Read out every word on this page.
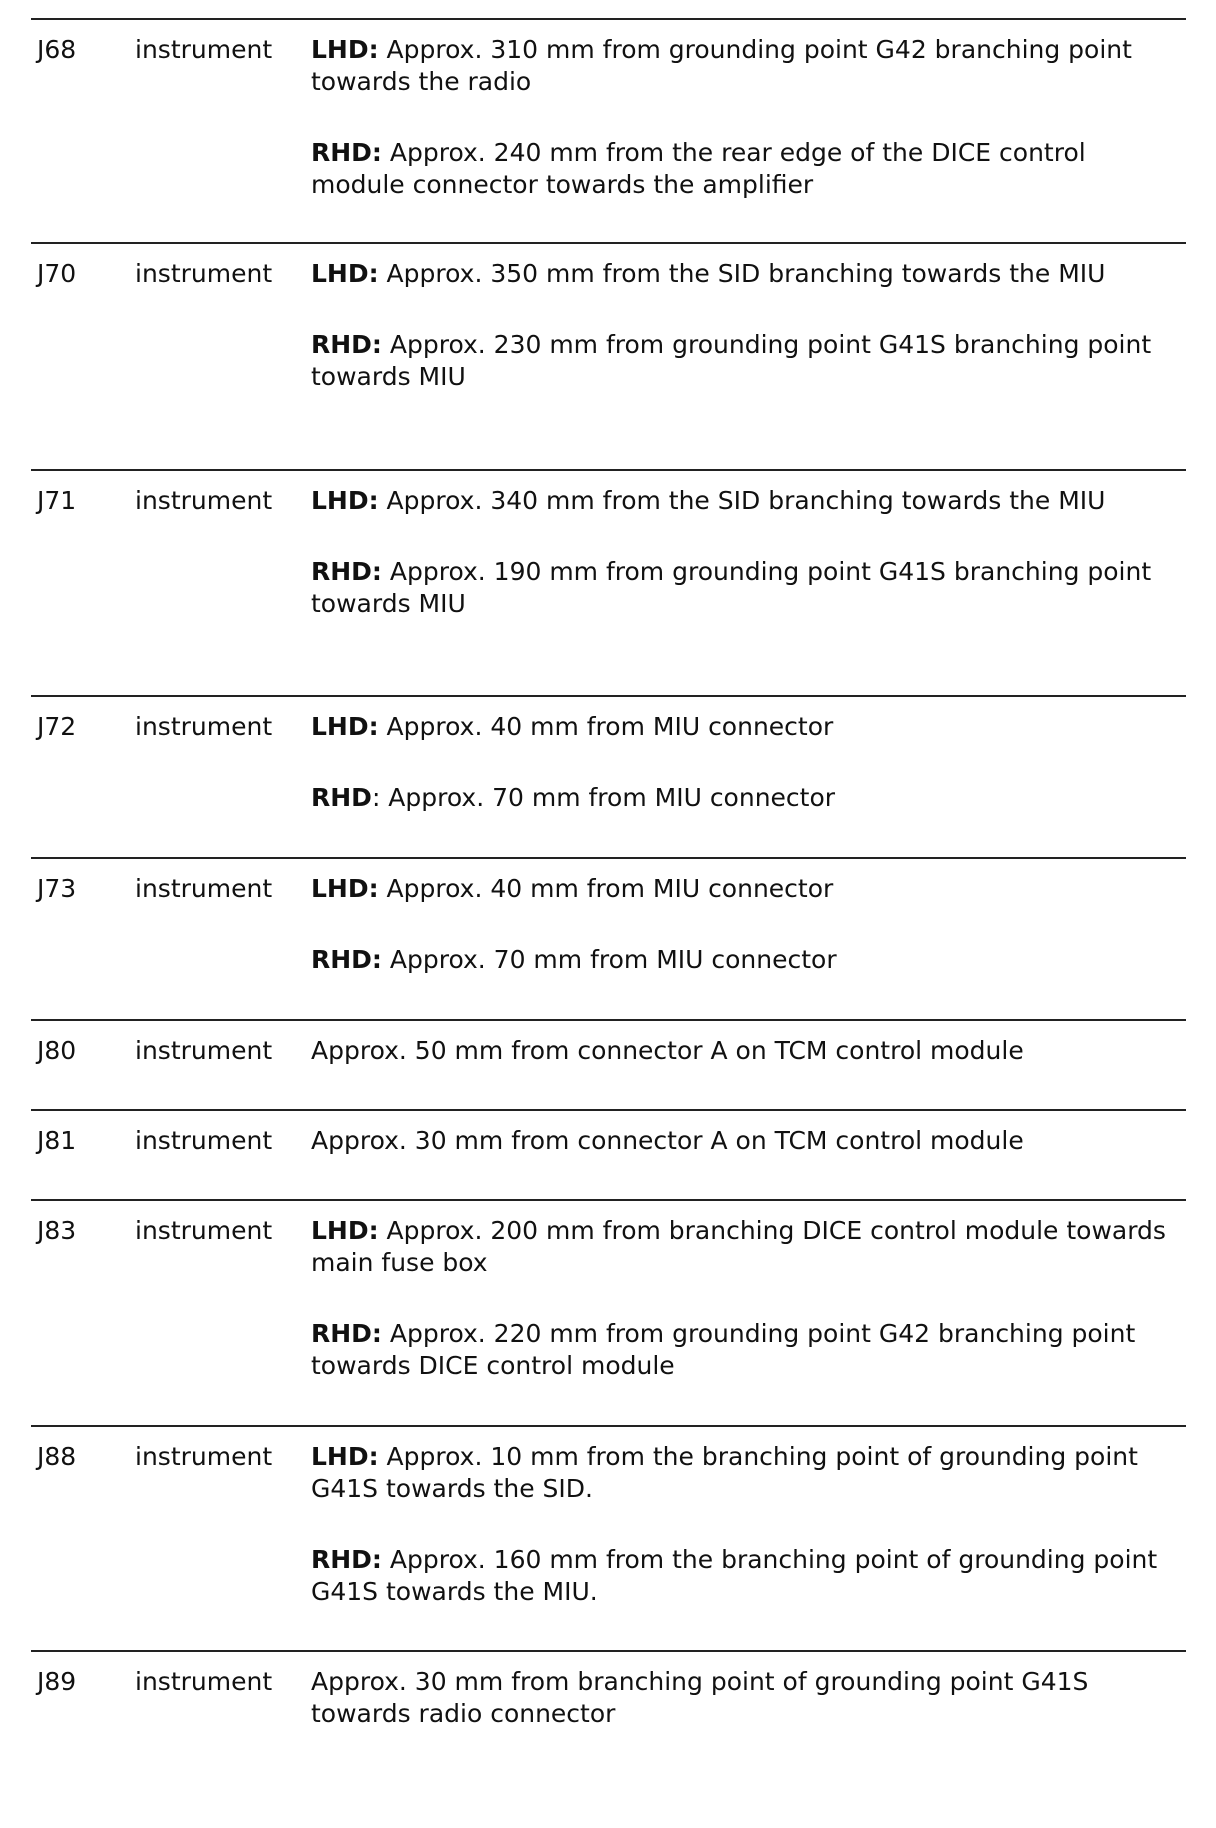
J68	instrument	LHD: Approx. 310 mm from grounding point G42 branching point towards the radio

RHD: Approx. 240 mm from the rear edge of the DICE control module connector towards the amplifier

J70	instrument	LHD: Approx. 350 mm from the SID branching towards the MIU

RHD: Approx. 230 mm from grounding point G41S branching point towards MIU

J71	instrument	LHD: Approx. 340 mm from the SID branching towards the MIU

RHD: Approx. 190 mm from grounding point G41S branching point towards MIU

J72	instrument	LHD: Approx. 40 mm from MIU connector

RHD: Approx. 70 mm from MIU connector

J73	instrument	LHD: Approx. 40 mm from MIU connector

RHD: Approx. 70 mm from MIU connector

J80	instrument	Approx. 50 mm from connector A on TCM control module

J81	instrument	Approx. 30 mm from connector A on TCM control module

J83	instrument	LHD: Approx. 200 mm from branching DICE control module towards main fuse box

RHD: Approx. 220 mm from grounding point G42 branching point towards DICE control module

J88	instrument	LHD: Approx. 10 mm from the branching point of grounding point G41S towards the SID.

RHD: Approx. 160 mm from the branching point of grounding point G41S towards the MIU.

J89	instrument	Approx. 30 mm from branching point of grounding point G41S towards radio connector
